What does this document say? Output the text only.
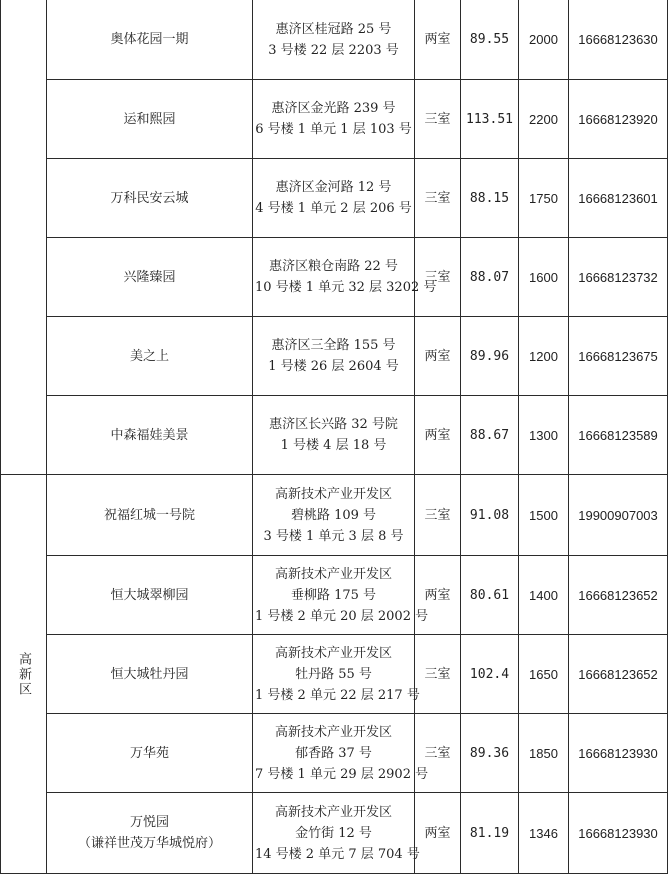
	奥体花园一期	惠济区桂冠路 25 号
3 号楼 22 层 2203 号	两室	89.55	2000	16668123630

	运和熙园	惠济区金光路 239 号
6 号楼 1 单元 1 层 103 号	三室	113.51	2200	16668123920

	万科民安云城	惠济区金河路 12 号
4 号楼 1 单元 2 层 206 号	三室	88.15	1750	16668123601

	兴隆臻园	惠济区粮仓南路 22 号
10 号楼 1 单元 32 层 3202 号	三室	88.07	1600	16668123732

	美之上	惠济区三全路 155 号
1 号楼 26 层 2604 号	两室	89.96	1200	16668123675

	中森福娃美景	惠济区长兴路 32 号院
1 号楼 4 层 18 号	两室	88.67	1300	16668123589
高新区	祝福红城一号院	高新技术产业开发区
碧桃路 109 号
3 号楼 1 单元 3 层 8 号	三室	91.08	1500	19900907003

	恒大城翠柳园	高新技术产业开发区
垂柳路 175 号
1 号楼 2 单元 20 层 2002 号	两室	80.61	1400	16668123652

	恒大城牡丹园	高新技术产业开发区
牡丹路 55 号
1 号楼 2 单元 22 层 217 号	三室	102.4	1650	16668123652

	万华苑	高新技术产业开发区
郁香路 37 号
7 号楼 1 单元 29 层 2902 号	三室	89.36	1850	16668123930

	万悦园
（谦祥世茂万华城悦府）	高新技术产业开发区
金竹街 12 号
14 号楼 2 单元 7 层 704 号	两室	81.19	1346	16668123930
